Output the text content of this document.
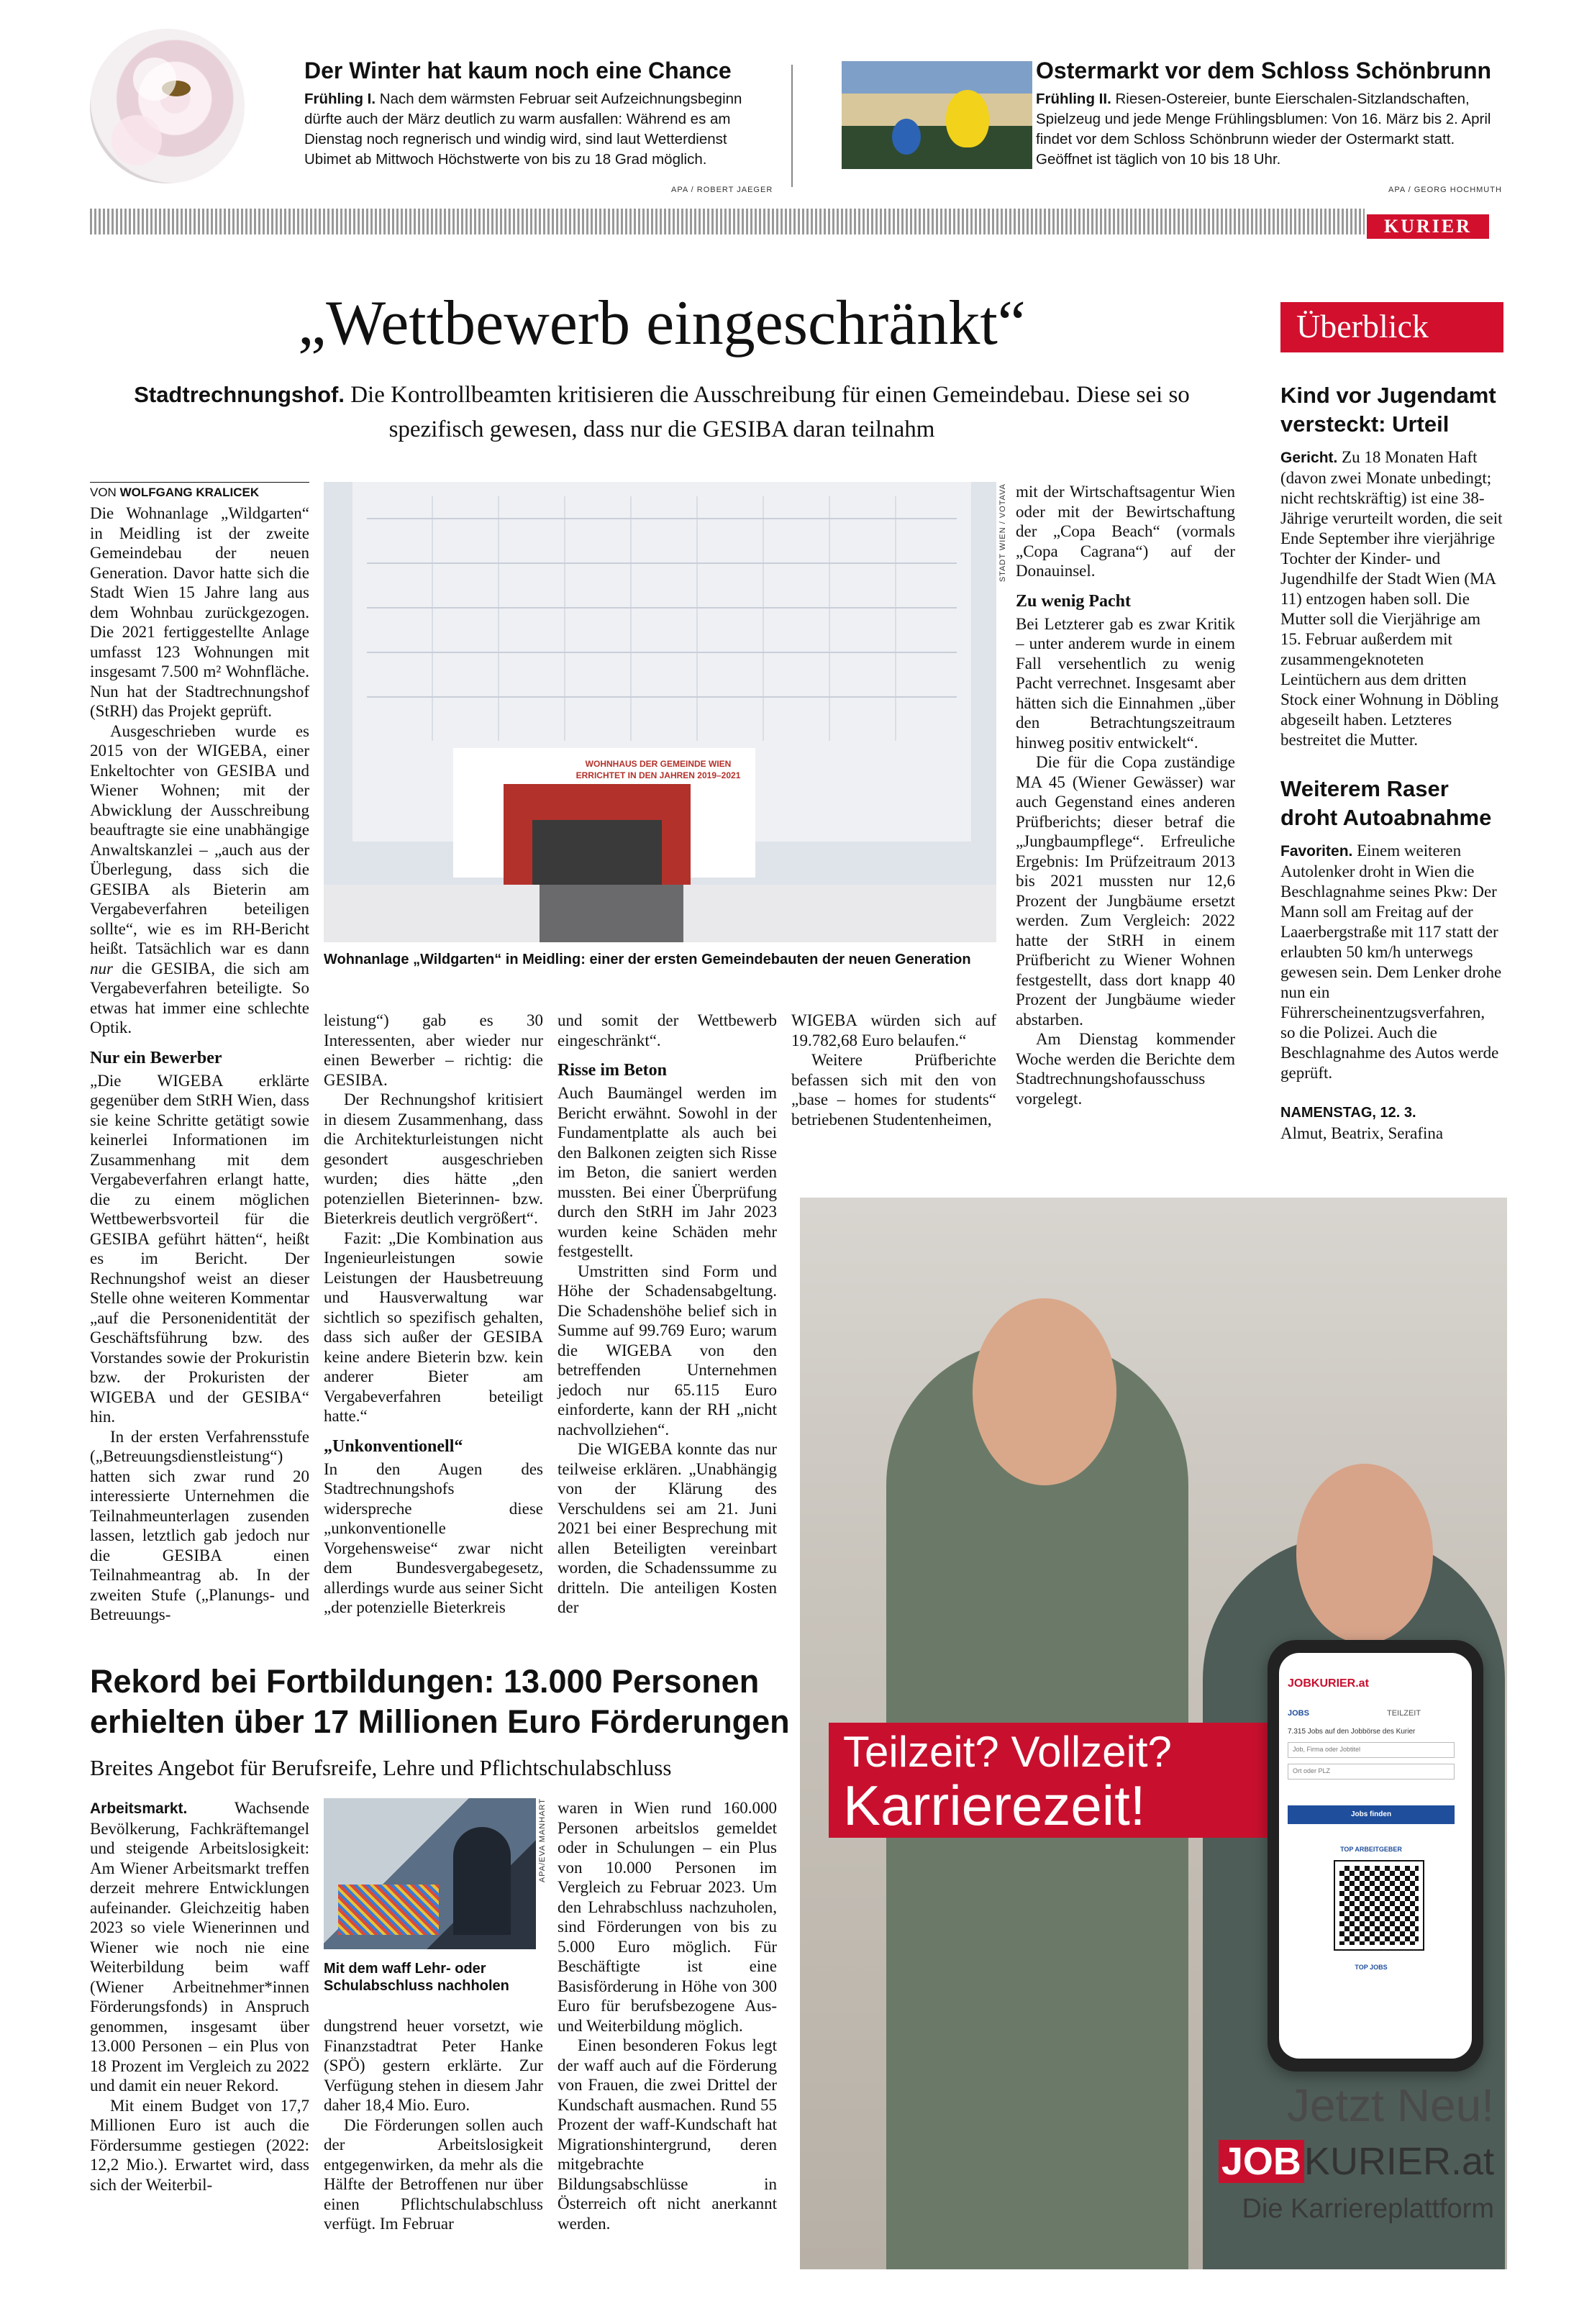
Der Winter hat kaum noch eine Chance
Frühling I. Nach dem wärmsten Februar seit Aufzeichnungsbeginn dürfte auch der März deutlich zu warm ausfallen: Während es am Dienstag noch regnerisch und windig wird, sind laut Wetterdienst Ubimet ab Mittwoch Höchstwerte von bis zu 18 Grad möglich.
APA / ROBERT JAEGER
Ostermarkt vor dem Schloss Schönbrunn
Frühling II. Riesen-Ostereier, bunte Eierschalen-Sitzlandschaften, Spielzeug und jede Menge Frühlingsblumen: Von 16. März bis 2. April findet vor dem Schloss Schönbrunn wieder der Ostermarkt statt. Geöffnet ist täglich von 10 bis 18 Uhr.
APA / GEORG HOCHMUTH
KURIER
„Wettbewerb eingeschränkt“
Stadtrechnungshof. Die Kontrollbeamten kritisieren die Ausschreibung für einen Gemeindebau. Diese sei so spezifisch gewesen, dass nur die GESIBA daran teilnahm
VON WOLFGANG KRALICEK
WOHNHAUS DER GEMEINDE WIEN
ERRICHTET IN DEN JAHREN 2019–2021
STADT WIEN / VOTAVA
Wohnanlage „Wildgarten“ in Meidling: einer der ersten Gemeindebauten der neuen Generation

Die Wohnanlage „Wildgarten“ in Meidling ist der zweite Gemeindebau der neuen Generation. Davor hatte sich die Stadt Wien 15 Jahre lang aus dem Wohnbau zurückgezogen. Die 2021 fertiggestellte Anlage umfasst 123 Wohnungen mit insgesamt 7.500 m² Wohnfläche. Nun hat der Stadtrechnungshof (StRH) das Projekt geprüft.

Ausgeschrieben wurde es 2015 von der WIGEBA, einer Enkeltochter von GESIBA und Wiener Wohnen; mit der Abwicklung der Ausschreibung beauftragte sie eine unabhängige Anwaltskanzlei – „auch aus der Überlegung, dass sich die GESIBA als Bieterin am Vergabeverfahren beteiligen sollte“, wie es im RH-Bericht heißt. Tatsächlich war es dann nur die GESIBA, die sich am Vergabeverfahren beteiligte. So etwas hat immer eine schlechte Optik.

Nur ein Bewerber

„Die WIGEBA erklärte gegenüber dem StRH Wien, dass sie keine Schritte getätigt sowie keinerlei Informationen im Zusammenhang mit dem Vergabeverfahren erlangt hatte, die zu einem möglichen Wettbewerbsvorteil für die GESIBA geführt hätten“, heißt es im Bericht. Der Rechnungshof weist an dieser Stelle ohne weiteren Kommentar „auf die Personenidentität der Geschäftsführung bzw. des Vorstandes sowie der Prokuristin bzw. der Prokuristen der WIGEBA und der GESIBA“ hin.

In der ersten Verfahrensstufe („Betreuungsdienstleistung“) hatten sich zwar rund 20 interessierte Unternehmen die Teilnahmeunterlagen zusenden lassen, letztlich gab jedoch nur die GESIBA einen Teilnahmeantrag ab. In der zweiten Stufe („Planungs- und Betreuungs-

leistung“) gab es 30 Interessenten, aber wieder nur einen Bewerber – richtig: die GESIBA.

Der Rechnungshof kritisiert in diesem Zusammenhang, dass die Architekturleistungen nicht gesondert ausgeschrieben wurden; dies hätte „den potenziellen Bieterinnen- bzw. Bieterkreis deutlich vergrößert“.

Fazit: „Die Kombination aus Ingenieurleistungen sowie Leistungen der Hausbetreuung und Hausverwaltung war sichtlich so spezifisch gehalten, dass sich außer der GESIBA keine andere Bieterin bzw. kein anderer Bieter am Vergabeverfahren beteiligt hatte.“

„Unkonventionell“

In den Augen des Stadtrechnungshofs widerspreche diese „unkonventionelle Vorgehensweise“ zwar nicht dem Bundesvergabegesetz, allerdings wurde aus seiner Sicht „der potenzielle Bieterkreis

und somit der Wettbewerb eingeschränkt“.

Risse im Beton

Auch Baumängel werden im Bericht erwähnt. Sowohl in der Fundamentplatte als auch bei den Balkonen zeigten sich Risse im Beton, die saniert werden mussten. Bei einer Überprüfung durch den StRH im Jahr 2023 wurden keine Schäden mehr festgestellt.

Umstritten sind Form und Höhe der Schadensabgeltung. Die Schadenshöhe belief sich in Summe auf 99.769 Euro; warum die WIGEBA von den betreffenden Unternehmen jedoch nur 65.115 Euro einforderte, kann der RH „nicht nachvollziehen“.

Die WIGEBA konnte das nur teilweise erklären. „Unabhängig von der Klärung des Verschuldens sei am 21. Juni 2021 bei einer Besprechung mit allen Beteiligten vereinbart worden, die Schadenssumme zu dritteln. Die anteiligen Kosten der

WIGEBA würden sich auf 19.782,68 Euro belaufen.“

Weitere Prüfberichte befassen sich mit den von „base – homes for students“ betriebenen Studentenheimen,

mit der Wirtschaftsagentur Wien oder mit der Bewirtschaftung der „Copa Beach“ (vormals „Copa Cagrana“) auf der Donauinsel.

Zu wenig Pacht

Bei Letzterer gab es zwar Kritik – unter anderem wurde in einem Fall versehentlich zu wenig Pacht verrechnet. Insgesamt aber hätten sich die Einnahmen „über den Betrachtungszeitraum hinweg positiv entwickelt“.

Die für die Copa zuständige MA 45 (Wiener Gewässer) war auch Gegenstand eines anderen Prüfberichts; dieser betraf die „Jungbaumpflege“. Erfreuliche Ergebnis: Im Prüfzeitraum 2013 bis 2021 mussten nur 12,6 Prozent der Jungbäume ersetzt werden. Zum Vergleich: 2022 hatte der StRH in einem Prüfbericht zu Wiener Wohnen festgestellt, dass dort knapp 40 Prozent der Jungbäume wieder abstarben.

Am Dienstag kommender Woche werden die Berichte dem Stadtrechnungshofausschuss vorgelegt.

Überblick
Kind vor Jugendamt versteckt: Urteil
Gericht. Zu 18 Monaten Haft (davon zwei Monate unbedingt; nicht rechtskräftig) ist eine 38-Jährige verurteilt worden, die seit Ende September ihre vierjährige Tochter der Kinder- und Jugendhilfe der Stadt Wien (MA 11) entzogen haben soll. Die Mutter soll die Vierjährige am 15. Februar außerdem mit zusammengeknoteten Leintüchern aus dem dritten Stock einer Wohnung in Döbling abgeseilt haben. Letzteres bestreitet die Mutter.
Weiterem Raser droht Autoabnahme
Favoriten. Einem weiteren Autolenker droht in Wien die Beschlagnahme seines Pkw: Der Mann soll am Freitag auf der Laaerbergstraße mit 117 statt der erlaubten 50 km/h unterwegs gewesen sein. Dem Lenker drohe nun ein Führerscheinentzugsverfahren, so die Polizei. Auch die Beschlagnahme des Autos werde geprüft.
NAMENSTAG, 12. 3.
Almut, Beatrix, Serafina
Rekord bei Fortbildungen: 13.000 Personen
erhielten über 17 Millionen Euro Förderungen
Breites Angebot für Berufsreife, Lehre und Pflichtschulabschluss

Arbeitsmarkt. Wachsende Bevölkerung, Fachkräftemangel und steigende Arbeitslosigkeit: Am Wiener Arbeitsmarkt treffen derzeit mehrere Entwicklungen aufeinander. Gleichzeitig haben 2023 so viele Wienerinnen und Wiener wie noch nie eine Weiterbildung beim waff (Wiener Arbeitnehmer*innen Förderungsfonds) in Anspruch genommen, insgesamt über 13.000 Personen – ein Plus von 18 Prozent im Vergleich zu 2022 und damit ein neuer Rekord.

Mit einem Budget von 17,7 Millionen Euro ist auch die Fördersumme gestiegen (2022: 12,2 Mio.). Erwartet wird, dass sich der Weiterbil-

APA/EVA MANHART
Mit dem waff Lehr- oder Schulabschluss nachholen

dungstrend heuer vorsetzt, wie Finanzstadtrat Peter Hanke (SPÖ) gestern erklärte. Zur Verfügung stehen in diesem Jahr daher 18,4 Mio. Euro.

Die Förderungen sollen auch der Arbeitslosigkeit entgegenwirken, da mehr als die Hälfte der Betroffenen nur über einen Pflichtschulabschluss verfügt. Im Februar

waren in Wien rund 160.000 Personen arbeitslos gemeldet oder in Schulungen – ein Plus von 10.000 Personen im Vergleich zu Februar 2023. Um den Lehrabschluss nachzuholen, sind Förderungen von bis zu 5.000 Euro möglich. Für Beschäftigte ist eine Basisförderung in Höhe von 300 Euro für berufsbezogene Aus- und Weiterbildung möglich.

Einen besonderen Fokus legt der waff auch auf die Förderung von Frauen, die zwei Drittel der Kundschaft ausmachen. Rund 55 Prozent der waff-Kundschaft hat Migrationshintergrund, deren mitgebrachte Bildungsabschlüsse in Österreich oft nicht anerkannt werden.

Teilzeit? Vollzeit?
Karrierezeit!
JOBKURIER.at
JOBS	TEILZEIT
7.315 Jobs auf den Jobbörse des Kurier
Job, Firma oder Jobtitel
Ort oder PLZ
Jobs finden
TOP ARBEITGEBER
TOP JOBS
Jetzt Neu!
JOBKURIER.at
Die Karriereplattform
